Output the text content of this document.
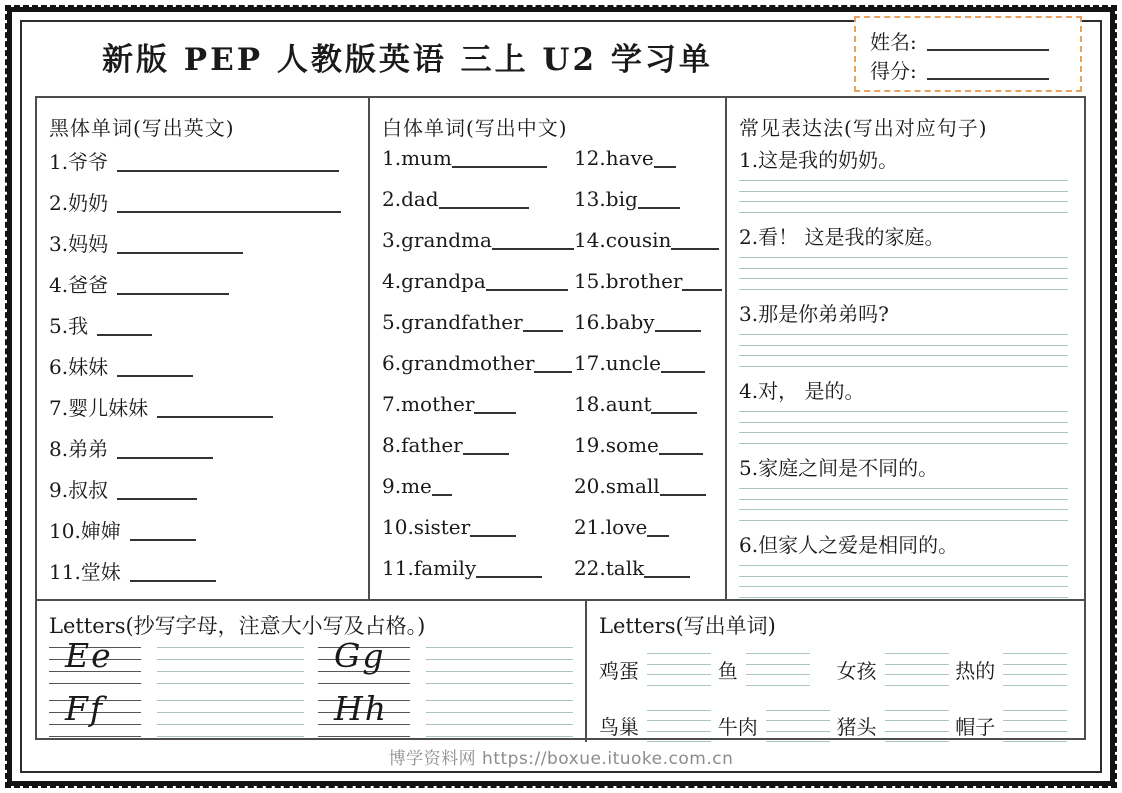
新版 PEP 人教版英语 三上 U2 学习单	姓名:
得分:
黑体单词(写出英文)
1.爷爷
2.奶奶
3.妈妈
4.爸爸
5.我
6.妹妹
7.婴儿妹妹
8.弟弟
9.叔叔
10.婶婶
11.堂妹
白体单词(写出中文)
1.mum
2.dad
3.grandma
4.grandpa
5.grandfather
6.grandmother
7.mother
8.father
9.me
10.sister
11.family
12.have
13.big
14.cousin
15.brother
16.baby
17.uncle
18.aunt
19.some
20.small
21.love
22.talk
常见表达法(写出对应句子)
1.这是我的奶奶。
2.看！ 这是我的家庭。
3.那是你弟弟吗?
4.对， 是的。
5.家庭之间是不同的。
6.但家人之爱是相同的。
Letters(抄写字母，注意大小写及占格。)
Ee	Gg
Ff	Hh
Letters(写出单词)
鸡蛋	鱼	女孩	热的
鸟巢	牛肉	猪头	帽子
博学资料网 https://boxue.ituoke.com.cn
